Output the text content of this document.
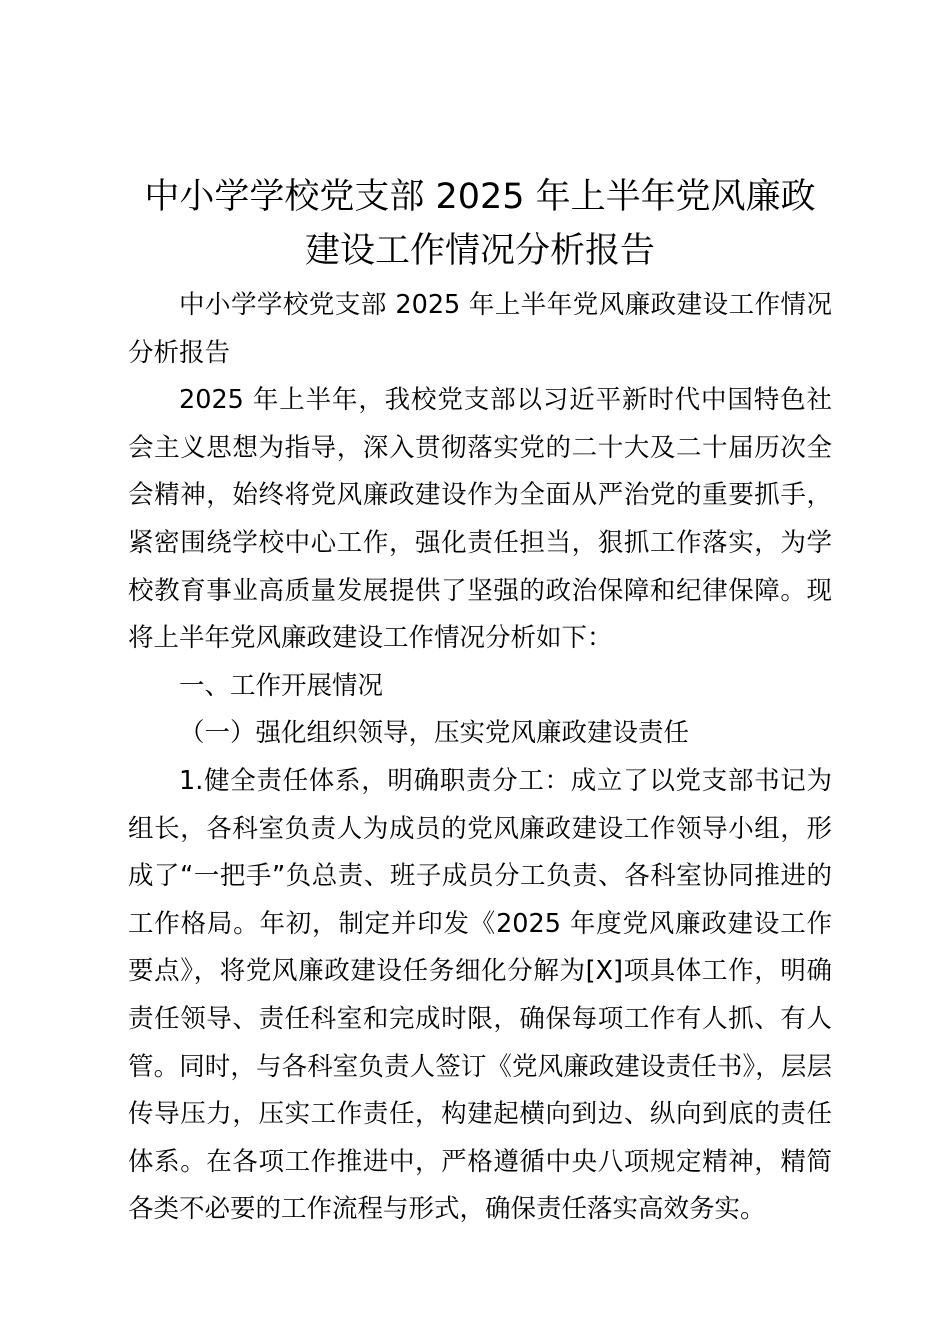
中小学学校党支部 2025 年上半年党风廉政
建设工作情况分析报告

中小学学校党支部 2025 年上半年党风廉政建设工作情况分析报告

2025 年上半年，我校党支部以习近平新时代中国特色社会主义思想为指导，深入贯彻落实党的二十大及二十届历次全会精神，始终将党风廉政建设作为全面从严治党的重要抓手，紧密围绕学校中心工作，强化责任担当，狠抓工作落实，为学校教育事业高质量发展提供了坚强的政治保障和纪律保障。现将上半年党风廉政建设工作情况分析如下：

一、工作开展情况

（一）强化组织领导，压实党风廉政建设责任

1.健全责任体系，明确职责分工：成立了以党支部书记为组长，各科室负责人为成员的党风廉政建设工作领导小组，形成了“一把手”负总责、班子成员分工负责、各科室协同推进的工作格局。年初，制定并印发《2025 年度党风廉政建设工作要点》，将党风廉政建设任务细化分解为[X]项具体工作，明确责任领导、责任科室和完成时限，确保每项工作有人抓、有人管。同时，与各科室负责人签订《党风廉政建设责任书》，层层传导压力，压实工作责任，构建起横向到边、纵向到底的责任体系。在各项工作推进中，严格遵循中央八项规定精神，精简各类不必要的工作流程与形式，确保责任落实高效务实。
